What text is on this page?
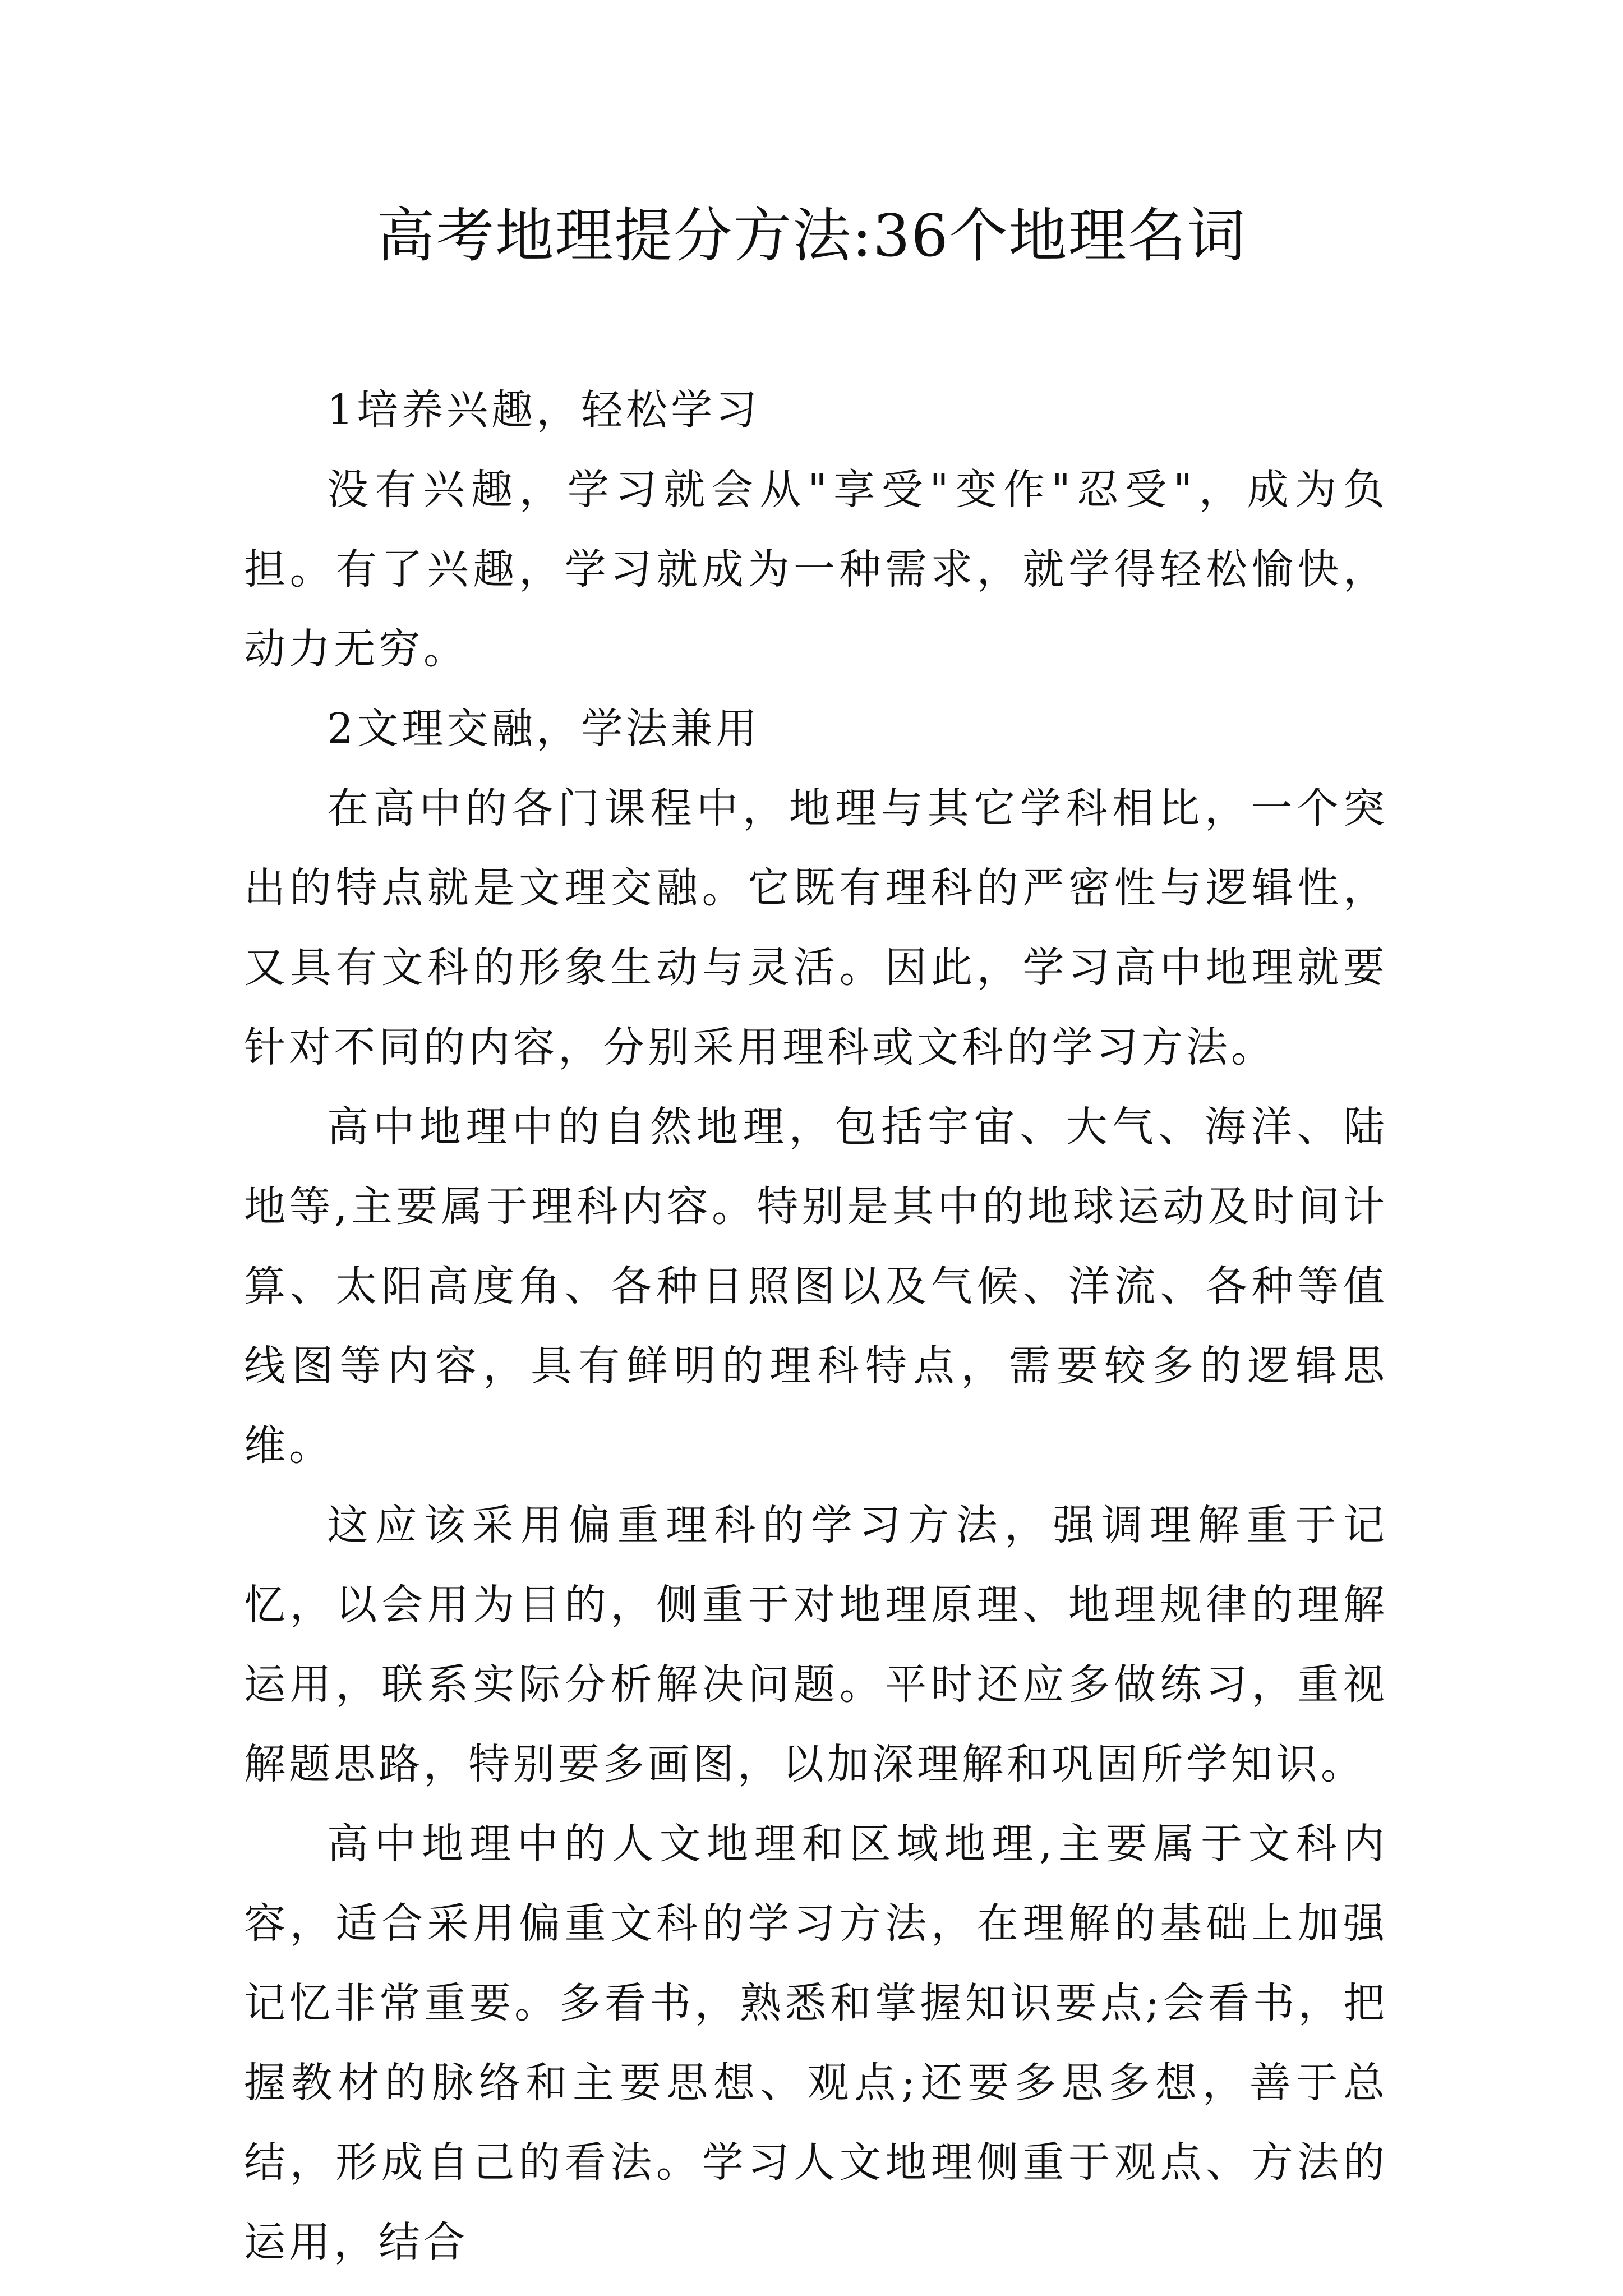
高考地理提分方法:36个地理名词

1培养兴趣，轻松学习

没有兴趣，学习就会从"享受"变作"忍受"，成为负担。有了兴趣，学习就成为一种需求，就学得轻松愉快，动力无穷。

2文理交融，学法兼用

在高中的各门课程中，地理与其它学科相比，一个突出的特点就是文理交融。它既有理科的严密性与逻辑性，又具有文科的形象生动与灵活。因此，学习高中地理就要针对不同的内容，分别采用理科或文科的学习方法。

高中地理中的自然地理，包括宇宙、大气、海洋、陆地等,主要属于理科内容。特别是其中的地球运动及时间计算、太阳高度角、各种日照图以及气候、洋流、各种等值线图等内容，具有鲜明的理科特点，需要较多的逻辑思维。

这应该采用偏重理科的学习方法，强调理解重于记忆，以会用为目的，侧重于对地理原理、地理规律的理解运用，联系实际分析解决问题。平时还应多做练习，重视解题思路，特别要多画图，以加深理解和巩固所学知识。

高中地理中的人文地理和区域地理,主要属于文科内容，适合采用偏重文科的学习方法，在理解的基础上加强记忆非常重要。多看书，熟悉和掌握知识要点;会看书，把握教材的脉络和主要思想、观点;还要多思多想，善于总结，形成自己的看法。学习人文地理侧重于观点、方法的运用，结合
